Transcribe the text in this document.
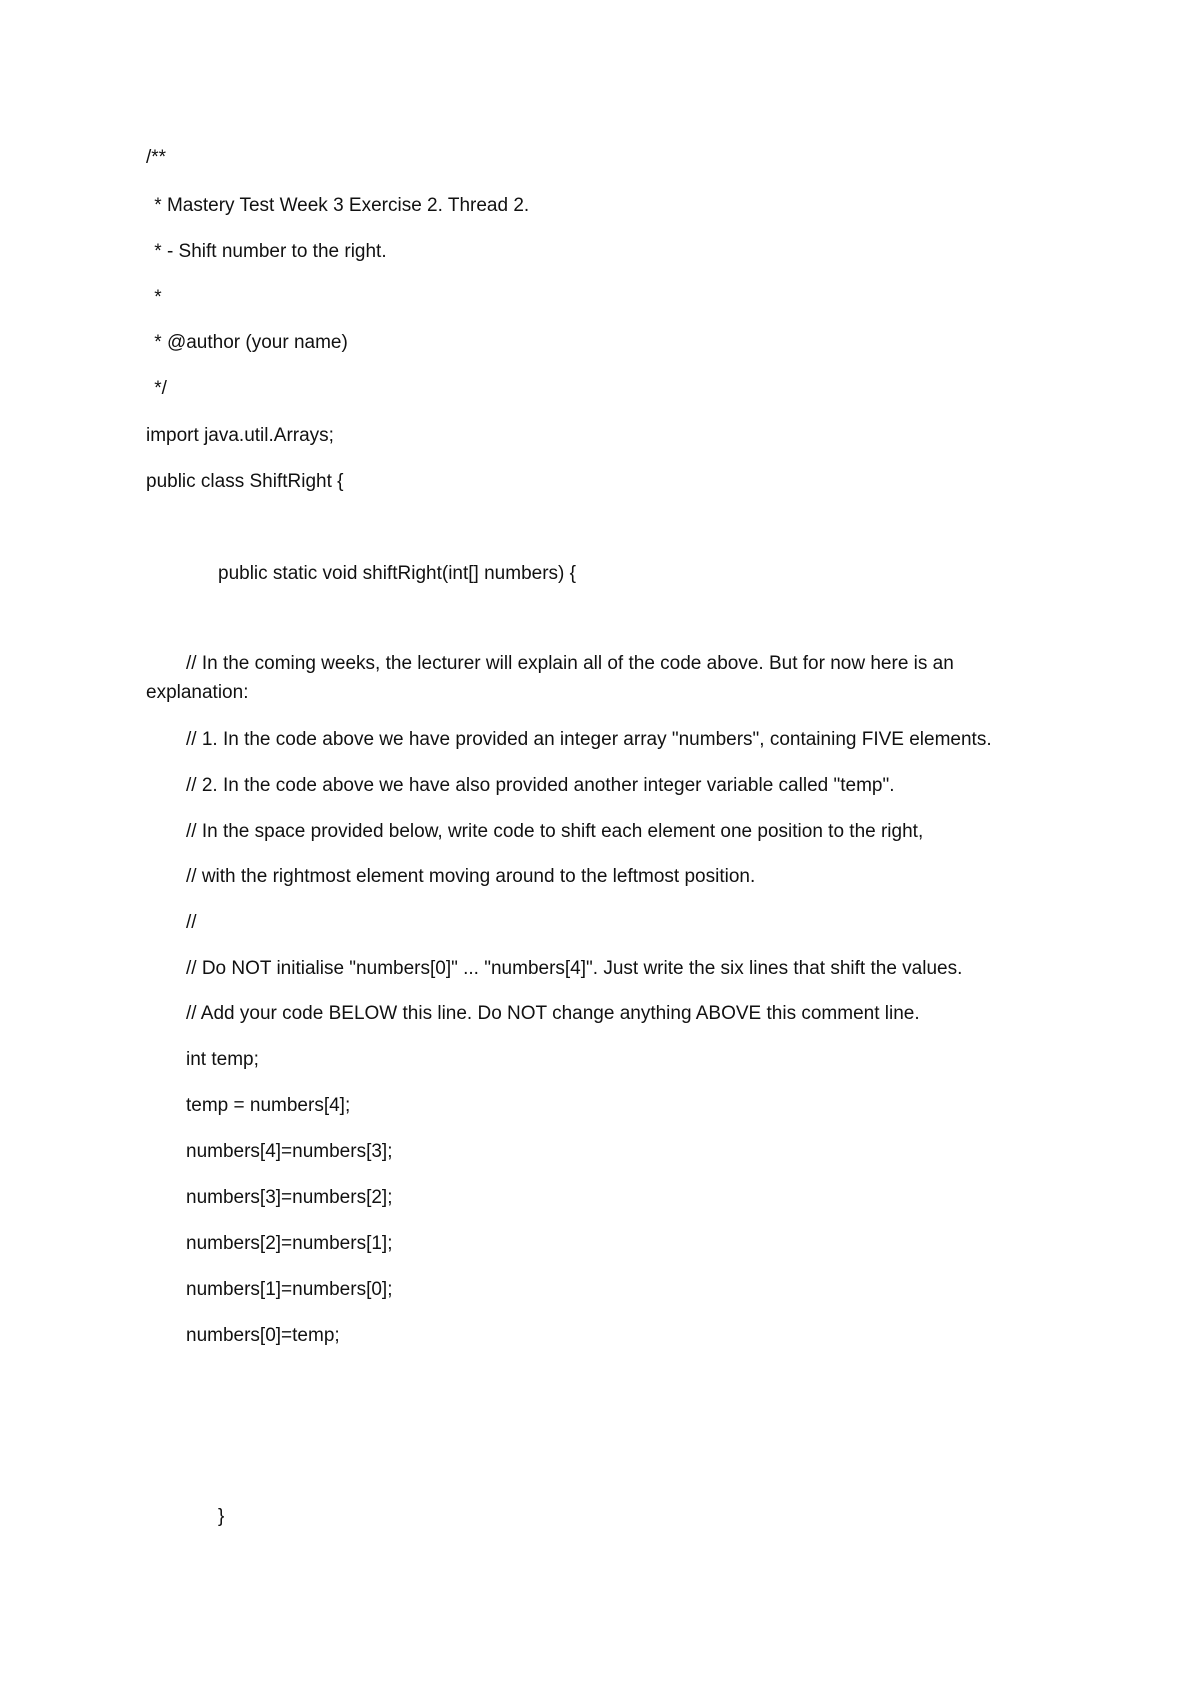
/**
* Mastery Test Week 3 Exercise 2. Thread 2.
* - Shift number to the right.
*
* @author (your name)
*/
import java.util.Arrays;
public class ShiftRight {
public static void shiftRight(int[] numbers) {
// In the coming weeks, the lecturer will explain all of the code above. But for now here is an
explanation:
// 1. In the code above we have provided an integer array "numbers", containing FIVE elements.
// 2. In the code above we have also provided another integer variable called "temp".
// In the space provided below, write code to shift each element one position to the right,
// with the rightmost element moving around to the leftmost position.
//
// Do NOT initialise "numbers[0]" ... "numbers[4]". Just write the six lines that shift the values.
// Add your code BELOW this line. Do NOT change anything ABOVE this comment line.
int temp;
temp = numbers[4];
numbers[4]=numbers[3];
numbers[3]=numbers[2];
numbers[2]=numbers[1];
numbers[1]=numbers[0];
numbers[0]=temp;
}
